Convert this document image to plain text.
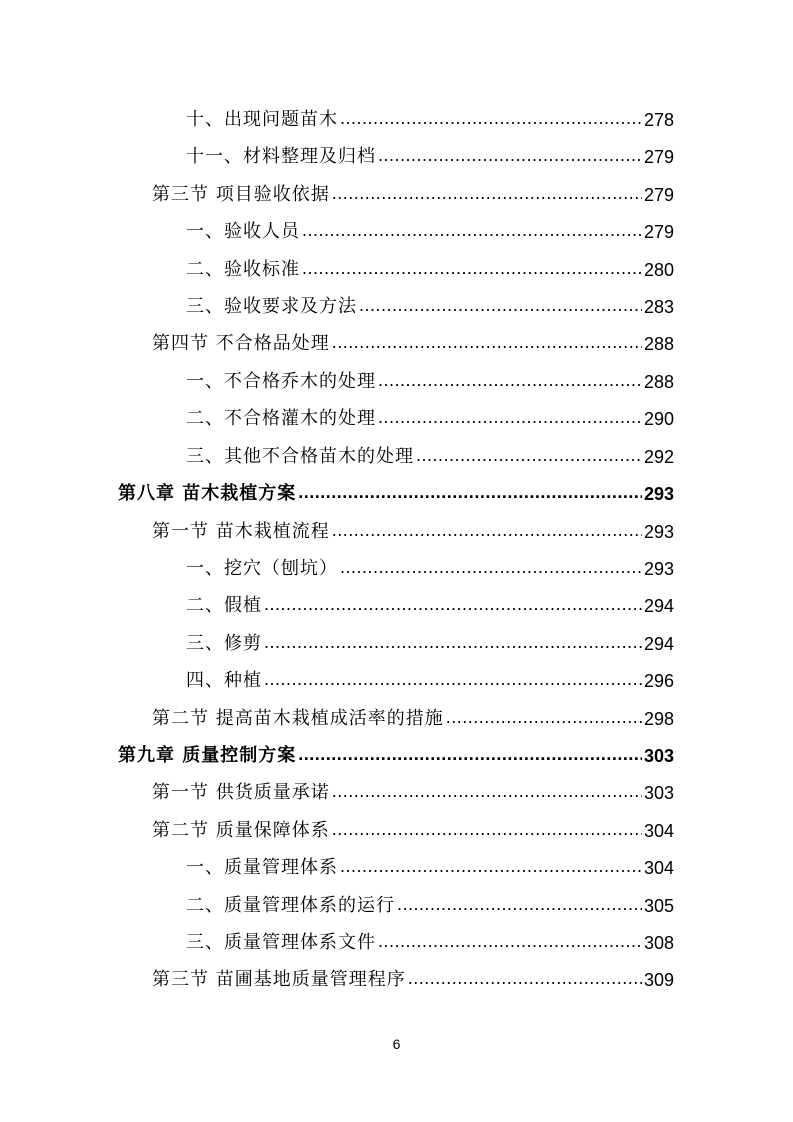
十、出现问题苗木 .....	278
十一、材料整理及归档 .....	279
第三节 项目验收依据 .....	279
一、验收人员 .....	279
二、验收标准 .....	280
三、验收要求及方法 .....	283
第四节 不合格品处理 .....	288
一、不合格乔木的处理 .....	288
二、不合格灌木的处理 .....	290
三、其他不合格苗木的处理 .....	292
第八章 苗木栽植方案 .....	293
第一节 苗木栽植流程 .....	293
一、挖穴（刨坑） .....	293
二、假植 .....	294
三、修剪 .....	294
四、种植 .....	296
第二节 提高苗木栽植成活率的措施 .....	298
第九章 质量控制方案 .....	303
第一节 供货质量承诺 .....	303
第二节 质量保障体系 .....	304
一、质量管理体系 .....	304
二、质量管理体系的运行 .....	305
三、质量管理体系文件 .....	308
第三节 苗圃基地质量管理程序 .....	309
6
